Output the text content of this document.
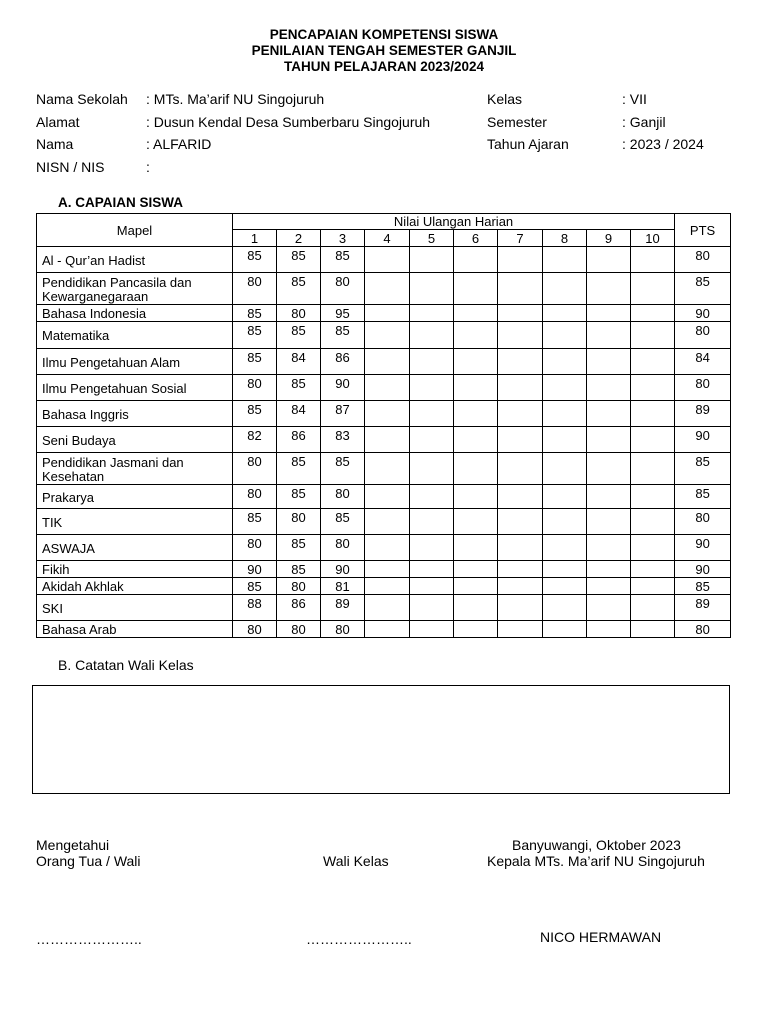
PENCAPAIAN KOMPETENSI SISWA
PENILAIAN TENGAH SEMESTER GANJIL
TAHUN PELAJARAN 2023/2024
Nama Sekolah	: MTs. Ma’arif NU Singojuruh
Alamat	: Dusun Kendal Desa Sumberbaru Singojuruh
Nama	: ALFARID
NISN / NIS	:
Kelas	: VII
Semester	: Ganjil
Tahun Ajaran	: 2023 / 2024
A. CAPAIAN SISWA
Mapel	Nilai Ulangan Harian										PTS
	1	2	3	4	5	6	7	8	9	10	
Al - Qur’an Hadist	85	85	85								80
Pendidikan Pancasila dan Kewarganegaraan	80	85	80								85
Bahasa Indonesia	85	80	95								90
Matematika	85	85	85								80
Ilmu Pengetahuan Alam	85	84	86								84
Ilmu Pengetahuan Sosial	80	85	90								80
Bahasa Inggris	85	84	87								89
Seni Budaya	82	86	83								90
Pendidikan Jasmani dan Kesehatan	80	85	85								85
Prakarya	80	85	80								85
TIK	85	80	85								80
ASWAJA	80	85	80								90
Fikih	90	85	90								90
Akidah Akhlak	85	80	81								85
SKI	88	86	89								89
Bahasa Arab	80	80	80								80
B. Catatan Wali Kelas
Mengetahui
Orang Tua / Wali	Wali Kelas
Banyuwangi, Oktober 2023
Kepala MTs. Ma’arif NU Singojuruh
…………………..	…………………..	NICO HERMAWAN
